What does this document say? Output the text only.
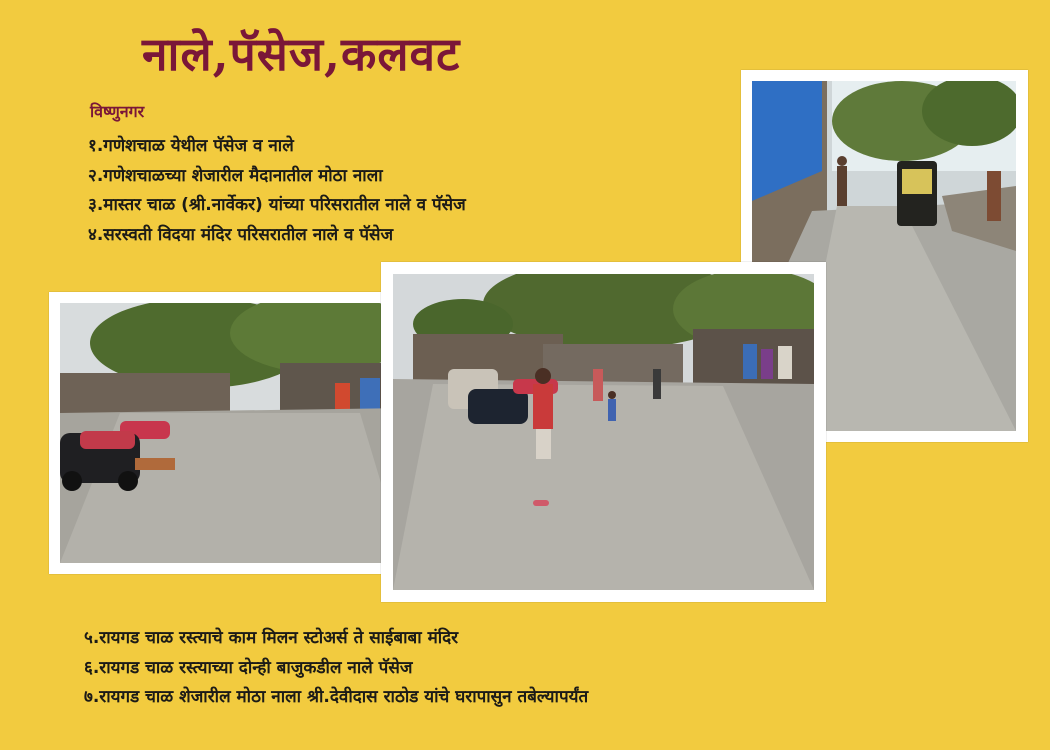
नाले,पॅसेज,कलवट
विष्णुनगर
१.गणेशचाळ येथील पॅसेज व नाले
२.गणेशचाळच्या शेजारील मैदानातील मोठा नाला
३.मास्तर चाळ (श्री.नार्वेकर) यांच्या परिसरातील नाले व पॅसेज
४.सरस्वती विदया मंदिर परिसरातील नाले व पॅसेज
५.रायगड चाळ रस्त्याचे काम मिलन स्टोअर्स ते साईबाबा मंदिर
६.रायगड चाळ रस्त्याच्या दोन्ही बाजुकडील नाले पॅसेज
७.रायगड चाळ शेजारील मोठा नाला श्री.देवीदास राठोड यांचे घरापासुन तबेल्यापर्यंत
